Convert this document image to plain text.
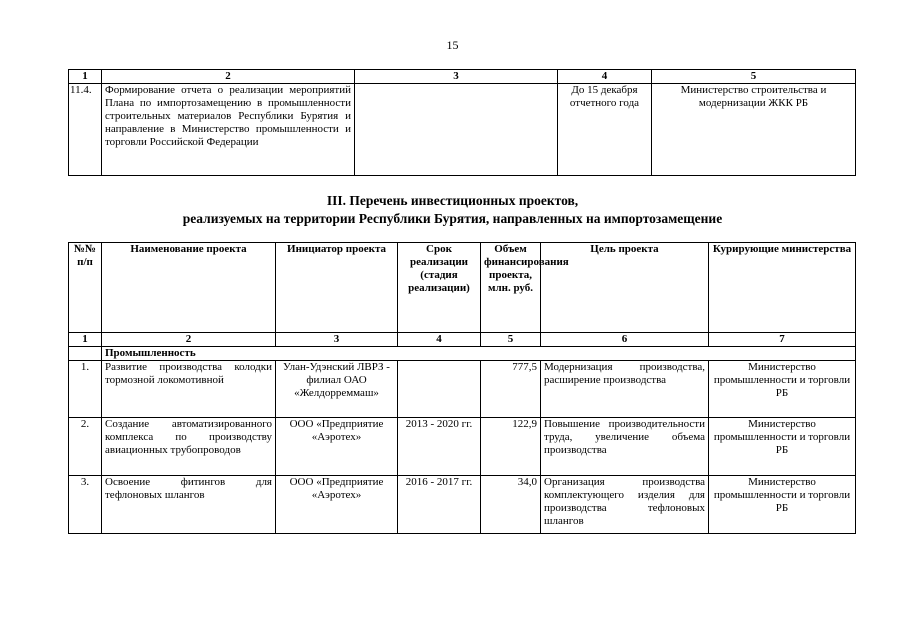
15
1	2	3	4	5
11.4.	Формирование отчета о реализации мероприятий Плана по импортозамещению в промышленности строительных материалов Республики Бурятия и направление в Министерство промышленности и торговли Российской Федерации		До 15 декабря отчетного года	Министерство строительства и модернизации ЖКК РБ
III. Перечень инвестиционных проектов,
реализуемых на территории Республики Бурятия, направленных на импортозамещение
№№ п/п	Наименование проекта	Инициатор проекта	Срок реализации (стадия реализации)	Объем финансирования проекта, млн. руб.	Цель проекта	Курирующие министерства
1	2	3	4	5	6	7
	Промышленность					
1.	Развитие производства колодки тормозной локомотивной	Улан-Удэнский ЛВРЗ - филиал ОАО «Желдорреммаш»		777,5	Модернизация производства, расширение производства	Министерство промышленности и торговли РБ
2.	Создание автоматизированного комплекса по производству авиационных трубопроводов	ООО «Предприятие «Аэротех»	2013 - 2020 гг.	122,9	Повышение производительности труда, увеличение объема производства	Министерство промышленности и торговли РБ
3.	Освоение фитингов для тефлоновых шлангов	ООО «Предприятие «Аэротех»	2016 - 2017 гг.	34,0	Организация производства комплектующего изделия для производства тефлоновых шлангов	Министерство промышленности и торговли РБ
